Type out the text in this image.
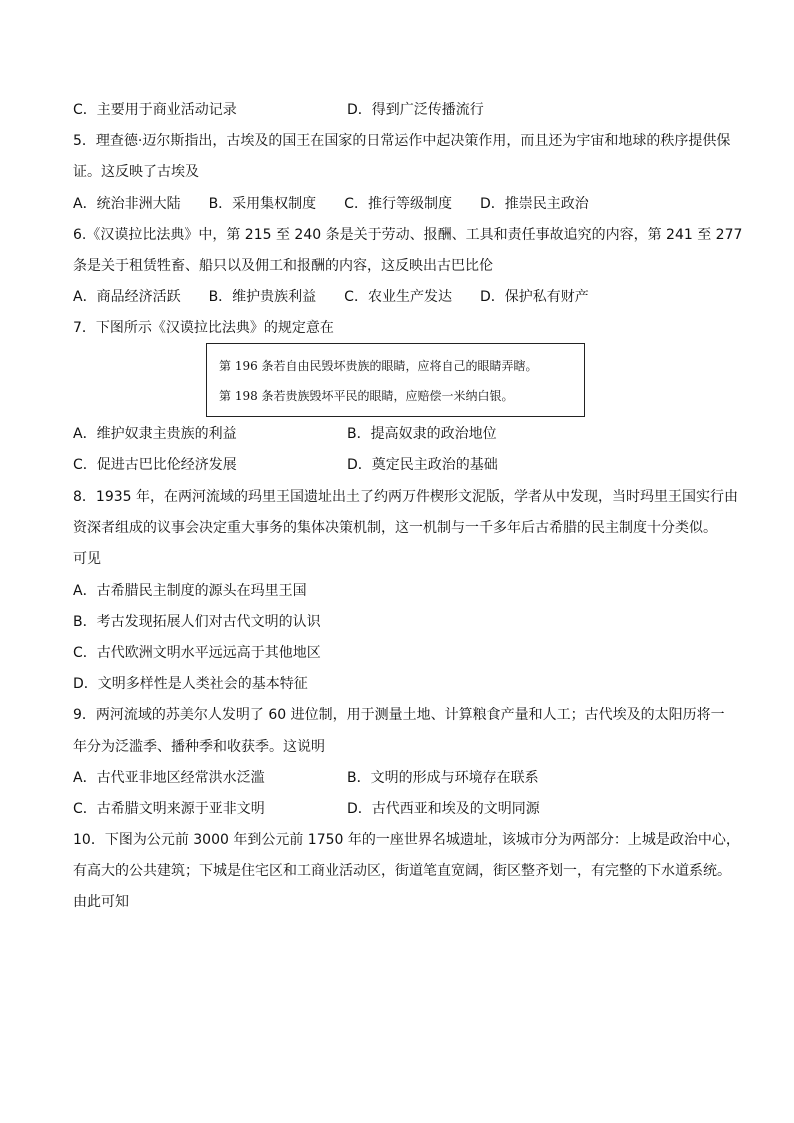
C．主要用于商业活动记录	D．得到广泛传播流行
5．理查德·迈尔斯指出，古埃及的国王在国家的日常运作中起决策作用，而且还为宇宙和地球的秩序提供保
证。这反映了古埃及
A．统治非洲大陆　　B．采用集权制度　　C．推行等级制度　　D．推崇民主政治
6.《汉谟拉比法典》中，第 215 至 240 条是关于劳动、报酬、工具和责任事故追究的内容，第 241 至 277
条是关于租赁牲畜、船只以及佣工和报酬的内容，这反映出古巴比伦
A．商品经济活跃　　B．维护贵族利益　　C．农业生产发达　　D．保护私有财产
7．下图所示《汉谟拉比法典》的规定意在
第 196 条若自由民毁坏贵族的眼睛，应将自己的眼睛弄瞎。
第 198 条若贵族毁坏平民的眼睛，应赔偿一米纳白银。
A．维护奴隶主贵族的利益	B．提高奴隶的政治地位
C．促进古巴比伦经济发展	D．奠定民主政治的基础
8．1935 年，在两河流域的玛里王国遗址出土了约两万件楔形文泥版，学者从中发现，当时玛里王国实行由
资深者组成的议事会决定重大事务的集体决策机制，这一机制与一千多年后古希腊的民主制度十分类似。
可见
A．古希腊民主制度的源头在玛里王国
B．考古发现拓展人们对古代文明的认识
C．古代欧洲文明水平远远高于其他地区
D．文明多样性是人类社会的基本特征
9．两河流域的苏美尔人发明了 60 进位制，用于测量土地、计算粮食产量和人工；古代埃及的太阳历将一
年分为泛滥季、播种季和收获季。这说明
A．古代亚非地区经常洪水泛滥	B．文明的形成与环境存在联系
C．古希腊文明来源于亚非文明	D．古代西亚和埃及的文明同源
10．下图为公元前 3000 年到公元前 1750 年的一座世界名城遗址，该城市分为两部分：上城是政治中心，
有高大的公共建筑；下城是住宅区和工商业活动区，街道笔直宽阔，街区整齐划一，有完整的下水道系统。
由此可知
